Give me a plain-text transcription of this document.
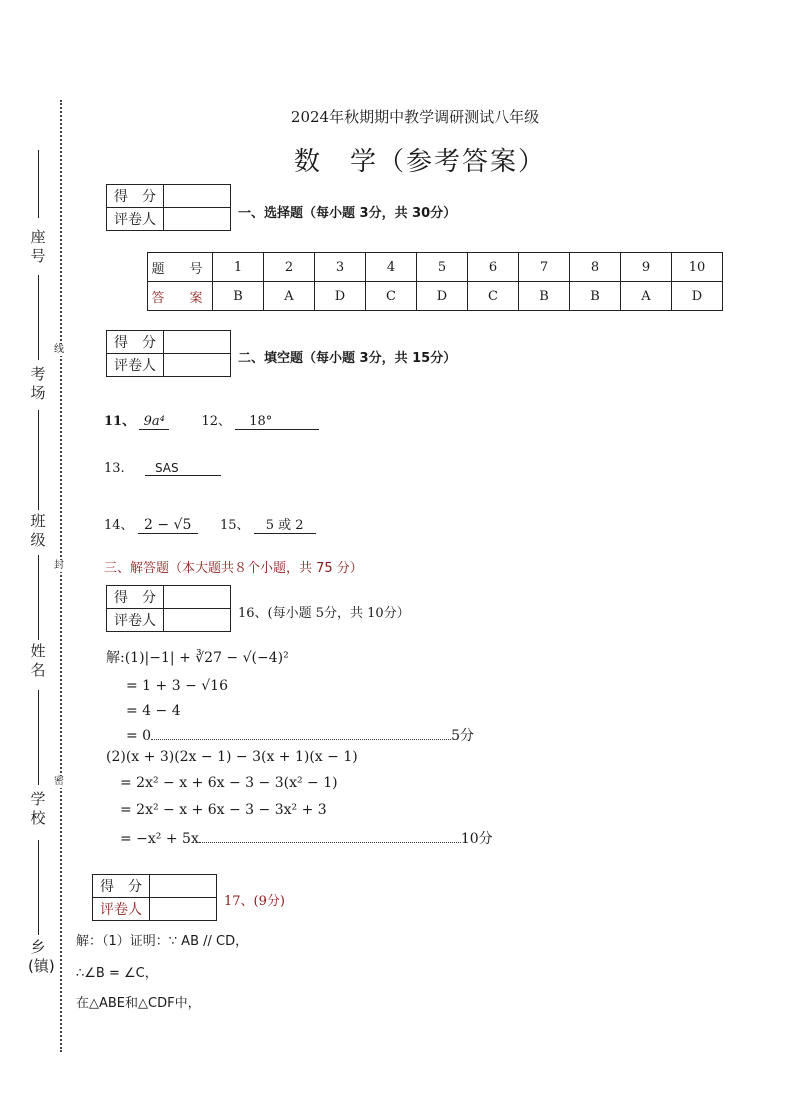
座号
考场
班级
姓名
学校
乡(镇)
线
封
密
2024年秋期期中教学调研测试八年级
数　学（参考答案）
得　分	
评卷人		一、选择题（每小题 3分，共 30分）
题　号	1	2	3	4	5	6	7	8	9	10
答　案	B	A	D	C	D	C	B	B	A	D
得　分	
评卷人		二、填空题（每小题 3分，共 15分）
11、 9a⁴	12、 18°
13.	SAS
14、 2 − √5 15、 5 或 2
三、解答题（本大题共８个小题，共 75 分）
得　分	
评卷人		16、(每小题 5分，共 10分）
解:(1)|−1| + ∛27 − √(−4)²
= 1 + 3 − √16
= 4 − 4
= 0	5分
(2)(x + 3)(2x − 1) − 3(x + 1)(x − 1)
= 2x² − x + 6x − 3 − 3(x² − 1)
= 2x² − x + 6x − 3 − 3x² + 3
= −x² + 5x	10分
得　分	
评卷人	
17、(9分)
解：（1）证明：∵ AB // CD，
∴∠B = ∠C，
在△ABE和△CDF中，
